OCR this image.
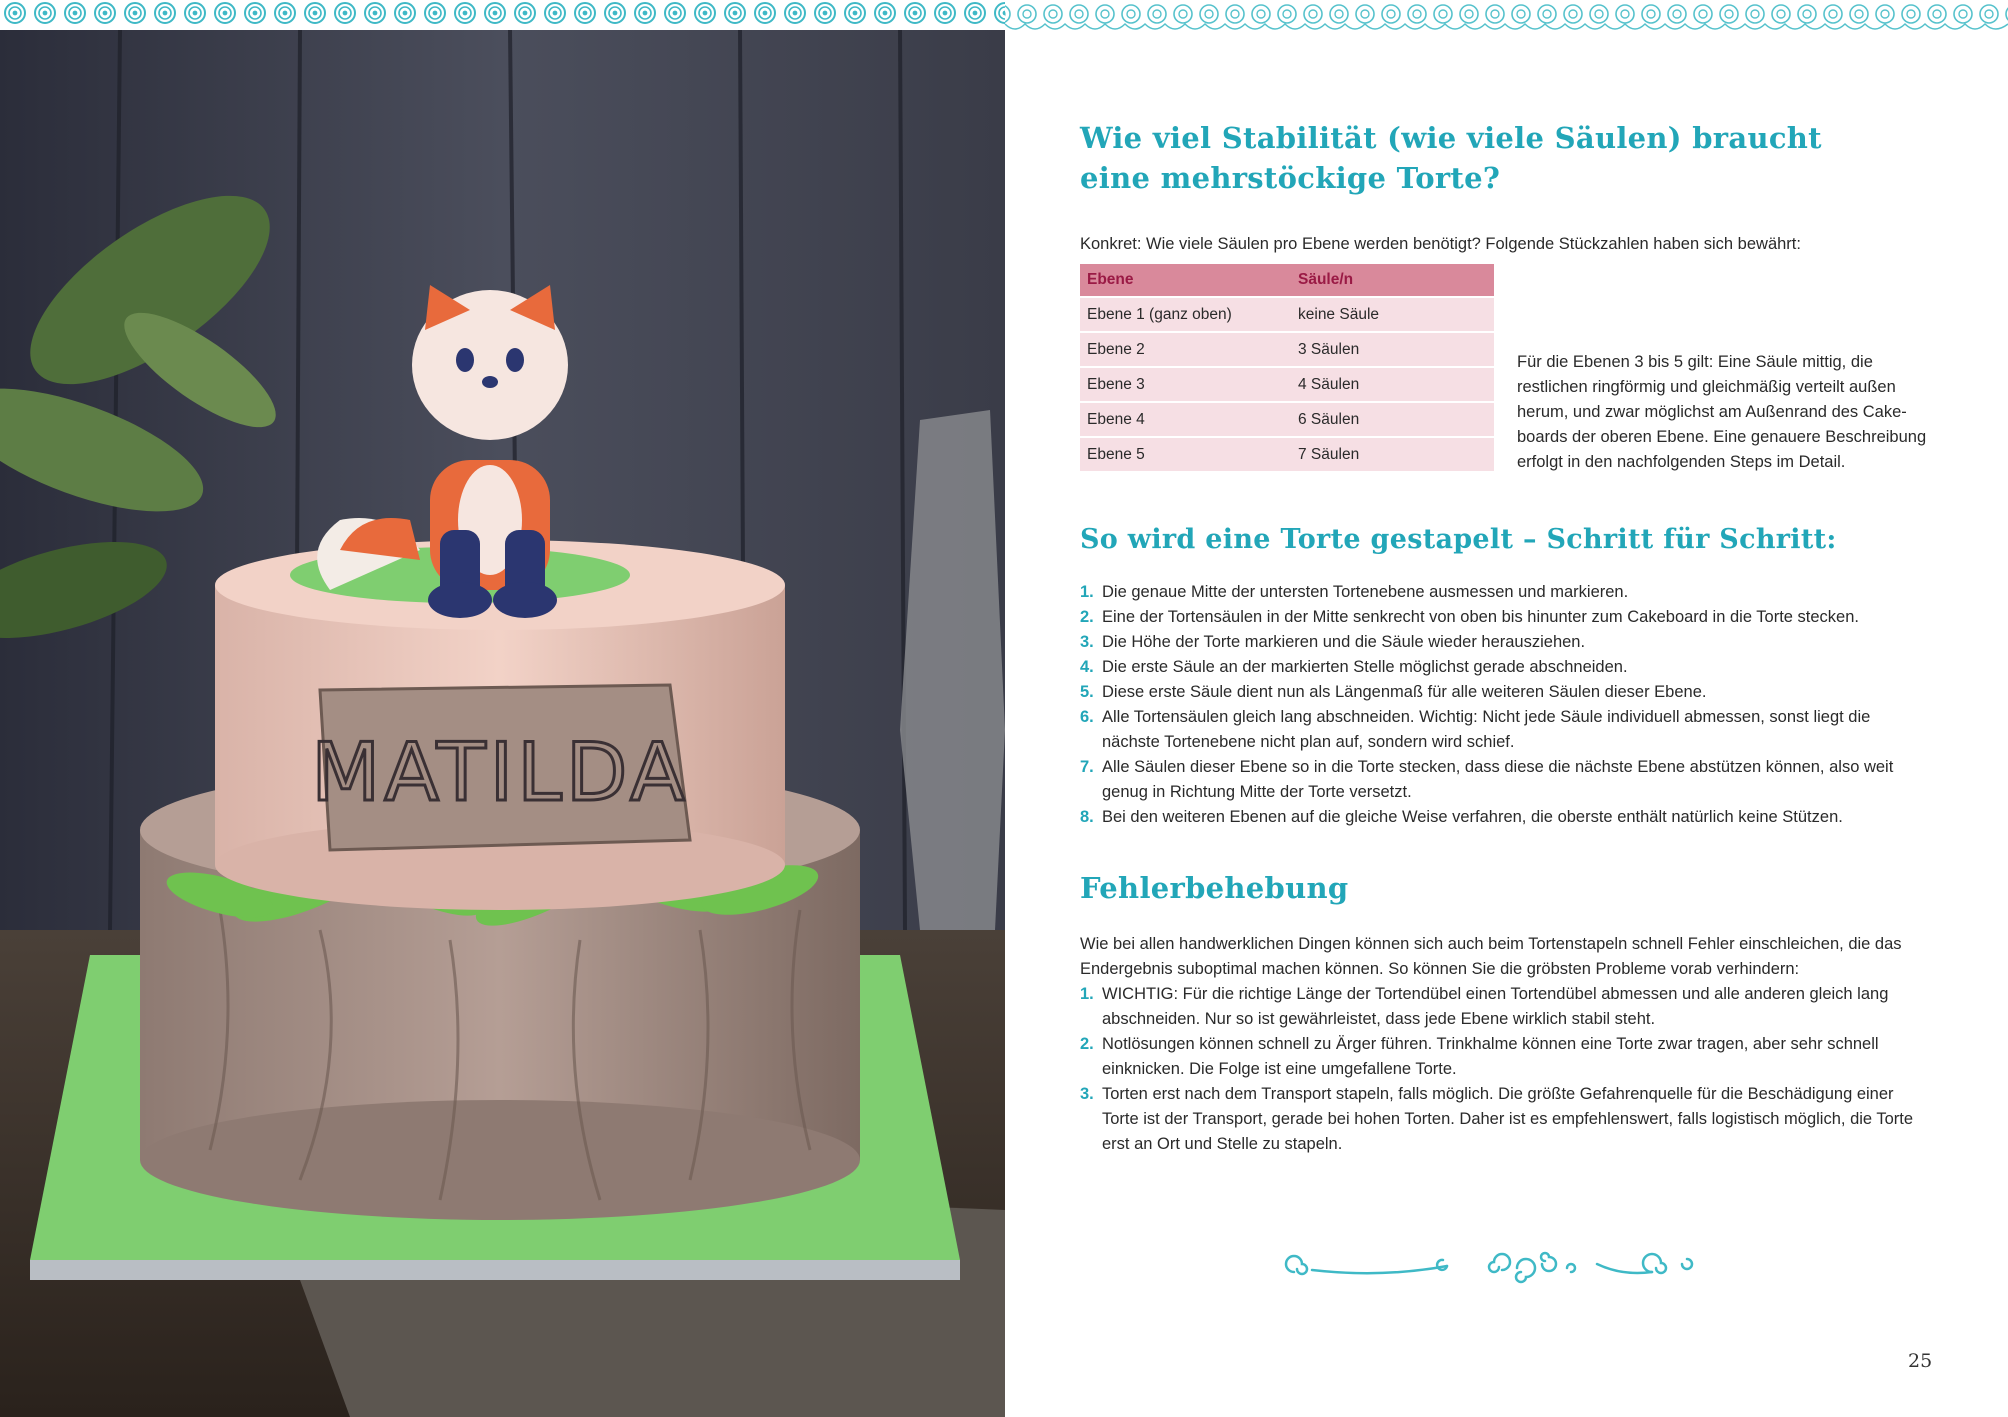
MATILDA
Wie viel Stabilität (wie viele Säulen) braucht
eine mehrstöckige Torte?
Konkret: Wie viele Säulen pro Ebene werden benötigt? Folgende Stückzahlen haben sich bewährt:
Ebene	Säule/n
Ebene 1 (ganz oben)	keine Säule
Ebene 2	3 Säulen
Ebene 3	4 Säulen
Ebene 4	6 Säulen
Ebene 5	7 Säulen
Für die Ebenen 3 bis 5 gilt: Eine Säule mittig, die restlichen ringförmig und gleichmäßig verteilt außen herum, und zwar möglichst am Außenrand des Cake-boards der oberen Ebene. Eine genauere Beschreibung erfolgt in den nachfolgenden Steps im Detail.
So wird eine Torte gestapelt – Schritt für Schritt:
1. Die genaue Mitte der untersten Tortenebene ausmessen und markieren.
2. Eine der Tortensäulen in der Mitte senkrecht von oben bis hinunter zum Cakeboard in die Torte stecken.
3. Die Höhe der Torte markieren und die Säule wieder herausziehen.
4. Die erste Säule an der markierten Stelle möglichst gerade abschneiden.
5. Diese erste Säule dient nun als Längenmaß für alle weiteren Säulen dieser Ebene.
6. Alle Tortensäulen gleich lang abschneiden. Wichtig: Nicht jede Säule individuell abmessen, sonst liegt die nächste Tortenebene nicht plan auf, sondern wird schief.
7. Alle Säulen dieser Ebene so in die Torte stecken, dass diese die nächste Ebene abstützen können, also weit genug in Richtung Mitte der Torte versetzt.
8. Bei den weiteren Ebenen auf die gleiche Weise verfahren, die oberste enthält natürlich keine Stützen.
Fehlerbehebung
Wie bei allen handwerklichen Dingen können sich auch beim Tortenstapeln schnell Fehler einschleichen, die das Endergebnis suboptimal machen können. So können Sie die gröbsten Probleme vorab verhindern:
1. WICHTIG: Für die richtige Länge der Tortendübel einen Tortendübel abmessen und alle anderen gleich lang abschneiden. Nur so ist gewährleistet, dass jede Ebene wirklich stabil steht.
2. Notlösungen können schnell zu Ärger führen. Trinkhalme können eine Torte zwar tragen, aber sehr schnell einknicken. Die Folge ist eine umgefallene Torte.
3. Torten erst nach dem Transport stapeln, falls möglich. Die größte Gefahrenquelle für die Beschädigung einer Torte ist der Transport, gerade bei hohen Torten. Daher ist es empfehlenswert, falls logistisch möglich, die Torte erst an Ort und Stelle zu stapeln.
25
